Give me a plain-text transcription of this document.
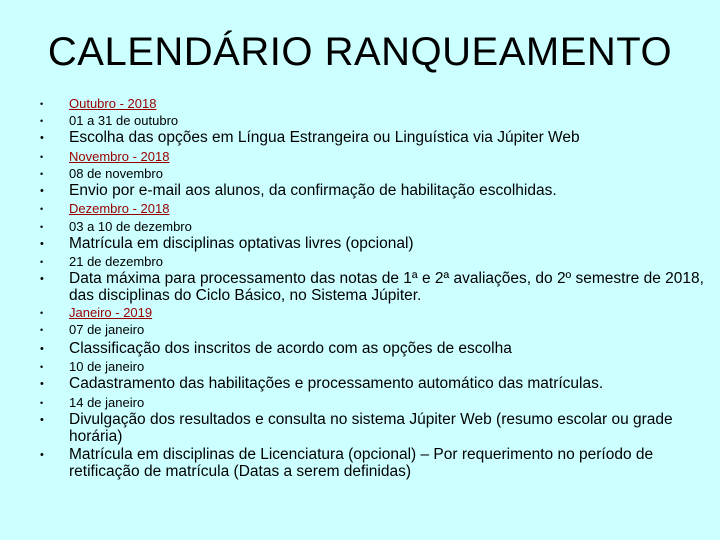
CALENDÁRIO RANQUEAMENTO
• Outubro - 2018
• 01 a 31 de outubro
• Escolha das opções em Língua Estrangeira ou Linguística via Júpiter Web
• Novembro - 2018
• 08 de novembro
• Envio por e-mail aos alunos, da confirmação de habilitação escolhidas.
• Dezembro - 2018
• 03 a 10 de dezembro
• Matrícula em disciplinas optativas livres (opcional)
• 21 de dezembro
• Data máxima para processamento das notas de 1ª e 2ª avaliações, do 2º semestre de 2018, das disciplinas do Ciclo Básico, no Sistema Júpiter.
• Janeiro - 2019
• 07 de janeiro
• Classificação dos inscritos de acordo com as opções de escolha
• 10 de janeiro
• Cadastramento das habilitações e processamento automático das matrículas.
• 14 de janeiro
• Divulgação dos resultados e consulta no sistema Júpiter Web (resumo escolar ou grade horária)
• Matrícula em disciplinas de Licenciatura (opcional) – Por requerimento no período de retificação de matrícula (Datas a serem definidas)
